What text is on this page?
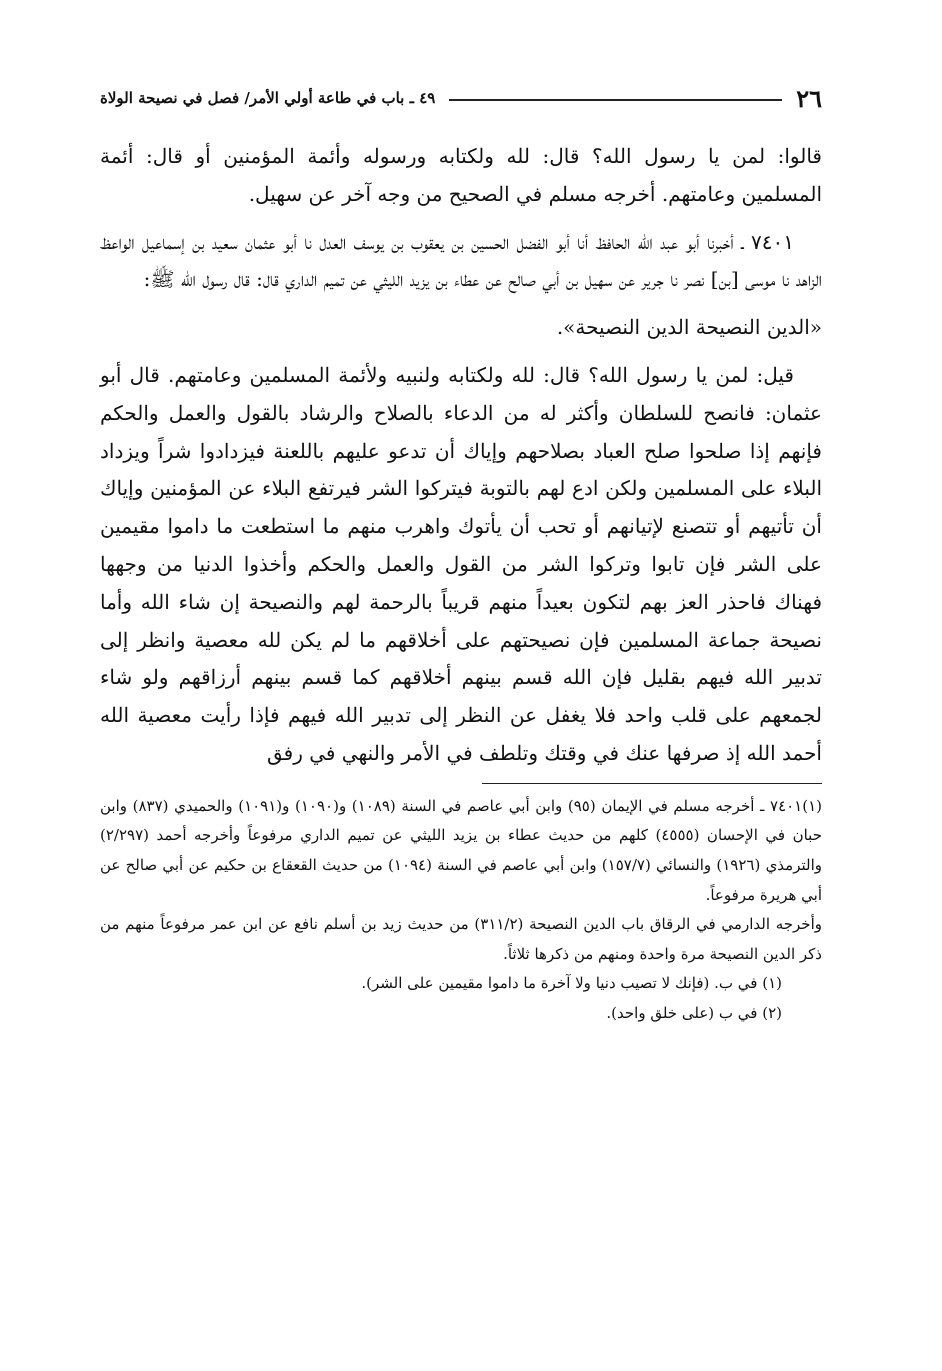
٢٦
٤٩ ـ باب في طاعة أولي الأمر/ فصل في نصيحة الولاة

قالوا: لمن يا رسول الله؟ قال: لله ولكتابه ورسوله وأئمة المؤمنين أو قال: أئمة المسلمين وعامتهم. أخرجه مسلم في الصحيح من وجه آخر عن سهيل.

٧٤٠١ ـ أخبرنا أبو عبد الله الحافظ أنا أبو الفضل الحسين بن يعقوب بن يوسف العدل نا أبو عثمان سعيد بن إسماعيل الواعظ الزاهد نا موسى [بن] نصر نا جرير عن سهيل بن أبي صالح عن عطاء بن يزيد الليثي عن تميم الداري قال: قال رسول الله ﷺ:

«الدين النصيحة الدين النصيحة».

قيل: لمن يا رسول الله؟ قال: لله ولكتابه ولنبيه ولأئمة المسلمين وعامتهم. قال أبو عثمان: فانصح للسلطان وأكثر له من الدعاء بالصلاح والرشاد بالقول والعمل والحكم فإنهم إذا صلحوا صلح العباد بصلاحهم وإياك أن تدعو عليهم باللعنة فيزدادوا شراً ويزداد البلاء على المسلمين ولكن ادع لهم بالتوبة فيتركوا الشر فيرتفع البلاء عن المؤمنين وإياك أن تأتيهم أو تتصنع لإتيانهم أو تحب أن يأتوك واهرب منهم ما استطعت ما داموا مقيمين على الشر فإن تابوا وتركوا الشر من القول والعمل والحكم وأخذوا الدنيا من وجهها فهناك فاحذر العز بهم لتكون بعيداً منهم قريباً بالرحمة لهم والنصيحة إن شاء الله وأما نصيحة جماعة المسلمين فإن نصيحتهم على أخلاقهم ما لم يكن لله معصية وانظر إلى تدبير الله فيهم بقليل فإن الله قسم بينهم أخلاقهم كما قسم بينهم أرزاقهم ولو شاء لجمعهم على قلب واحد فلا يغفل عن النظر إلى تدبير الله فيهم فإذا رأيت معصية الله أحمد الله إذ صرفها عنك في وقتك وتلطف في الأمر والنهي في رفق

(١)٧٤٠١ ـ أخرجه مسلم في الإيمان (٩٥) وابن أبي عاصم في السنة (١٠٨٩) و(١٠٩٠) و(١٠٩١) والحميدي (٨٣٧) وابن حبان في الإحسان (٤٥٥٥) كلهم من حديث عطاء بن يزيد الليثي عن تميم الداري مرفوعاً وأخرجه أحمد (٢/٢٩٧) والترمذي (١٩٢٦) والنسائي (١٥٧/٧) وابن أبي عاصم في السنة (١٠٩٤) من حديث القعقاع بن حكيم عن أبي صالح عن أبي هريرة مرفوعاً.

وأخرجه الدارمي في الرقاق باب الدين النصيحة (٣١١/٢) من حديث زيد بن أسلم نافع عن ابن عمر مرفوعاً منهم من ذكر الدين النصيحة مرة واحدة ومنهم من ذكرها ثلاثاً.

(١) في ب. (فإنك لا تصيب دنيا ولا آخرة ما داموا مقيمين على الشر).

(٢) في ب (على خلق واحد).
